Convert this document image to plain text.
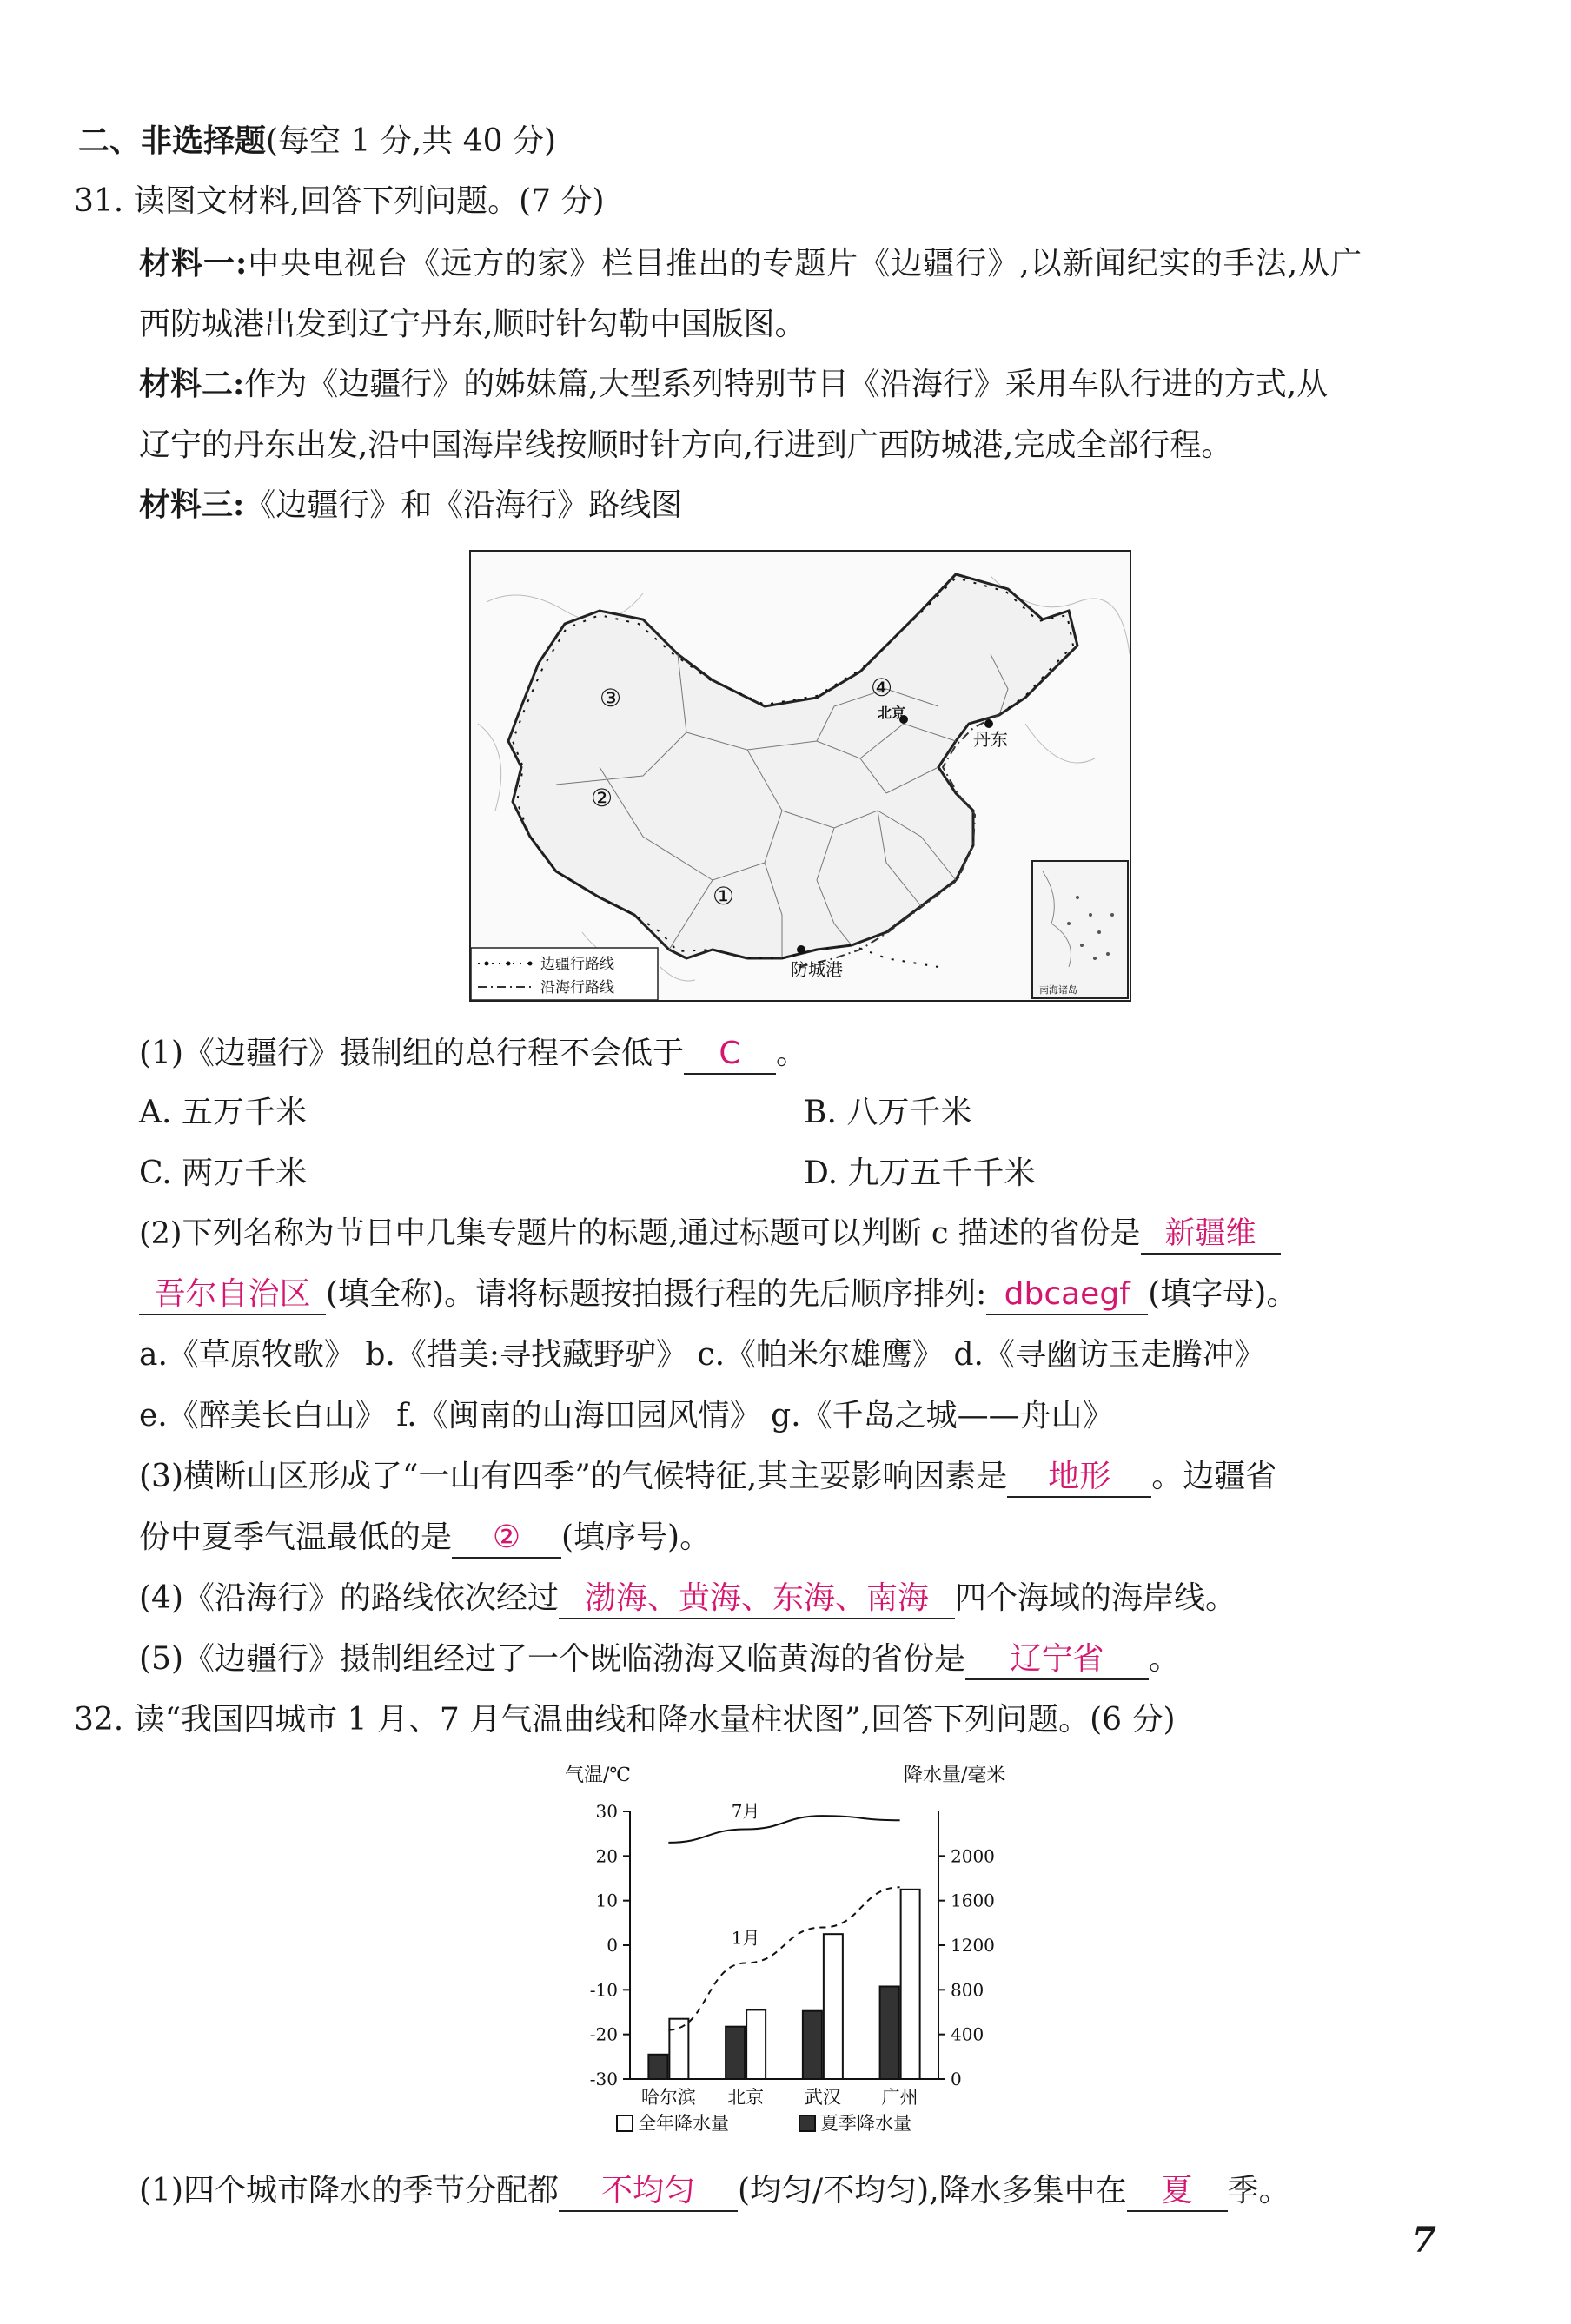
二、非选择题(每空 1 分,共 40 分)
31. 读图文材料,回答下列问题。(7 分)
材料一:中央电视台《远方的家》栏目推出的专题片《边疆行》,以新闻纪实的手法,从广
西防城港出发到辽宁丹东,顺时针勾勒中国版图。
材料二:作为《边疆行》的姊妹篇,大型系列特别节目《沿海行》采用车队行进的方式,从
辽宁的丹东出发,沿中国海岸线按顺时针方向,行进到广西防城港,完成全部行程。
材料三:《边疆行》和《沿海行》路线图
北京
丹东
防城港
③
②
①
④
南海诸岛
边疆行路线
沿海行路线
(1)《边疆行》摄制组的总行程不会低于 C 。
A. 五万千米	B. 八万千米
C. 两万千米	D. 九万五千千米
(2)下列名称为节目中几集专题片的标题,通过标题可以判断 c 描述的省份是 新疆维
吾尔自治区 (填全称)。请将标题按拍摄行程的先后顺序排列: dbcaegf (填字母)。
a.《草原牧歌》 b.《措美:寻找藏野驴》 c.《帕米尔雄鹰》 d.《寻幽访玉走腾冲》
e.《醉美长白山》 f.《闽南的山海田园风情》 g.《千岛之城——舟山》
(3)横断山区形成了“一山有四季”的气候特征,其主要影响因素是 地形 。边疆省
份中夏季气温最低的是 ② (填序号)。
(4)《沿海行》的路线依次经过 渤海、黄海、东海、南海 四个海域的海岸线。
(5)《边疆行》摄制组经过了一个既临渤海又临黄海的省份是 辽宁省 。
32. 读“我国四城市 1 月、7 月气温曲线和降水量柱状图”,回答下列问题。(6 分)
气温/℃	降水量/毫米
30
20
10
0
-10
-20
-30
2000
1600
1200
800
400
0
7月
1月
哈尔滨 北京 武汉 广州
全年降水量	夏季降水量
(1)四个城市降水的季节分配都 不均匀 (均匀/不均匀),降水多集中在 夏 季。
7
